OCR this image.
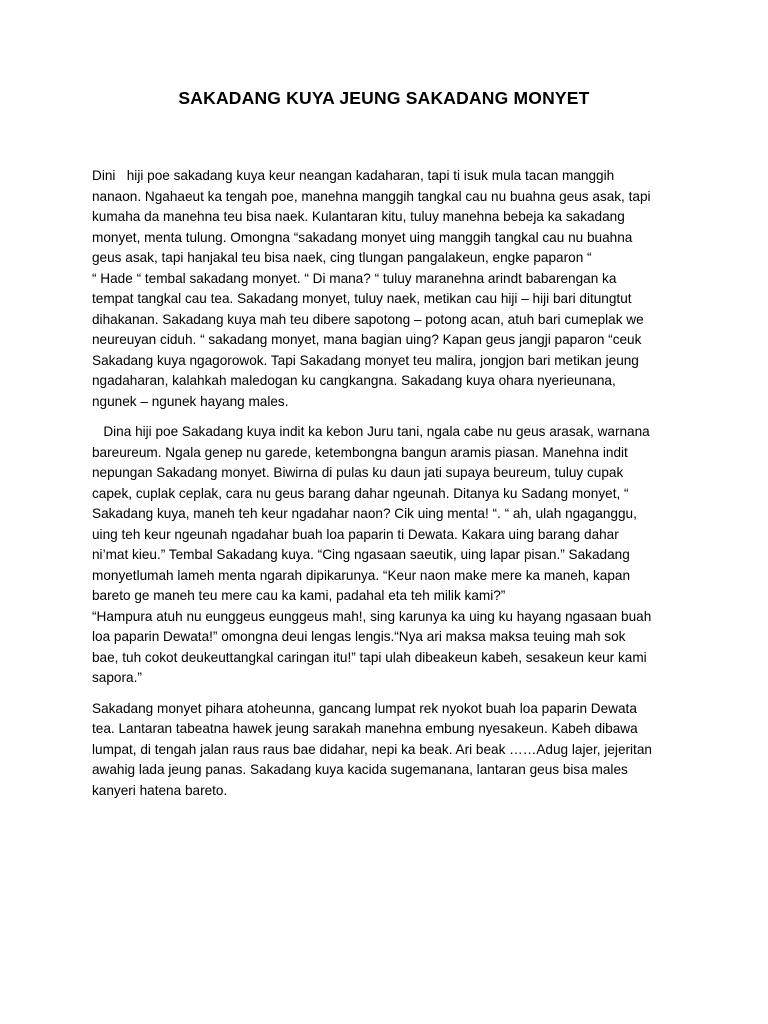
SAKADANG KUYA JEUNG SAKADANG MONYET
Dini   hiji poe sakadang kuya keur neangan kadaharan, tapi ti isuk mula tacan manggih
nanaon. Ngahaeut ka tengah poe, manehna manggih tangkal cau nu buahna geus asak, tapi
kumaha da manehna teu bisa naek. Kulantaran kitu, tuluy manehna bebeja ka sakadang
monyet, menta tulung. Omongna “sakadang monyet uing manggih tangkal cau nu buahna
geus asak, tapi hanjakal teu bisa naek, cing tlungan pangalakeun, engke paparon “
“ Hade “ tembal sakadang monyet. “ Di mana? “ tuluy maranehna arindt babarengan ka
tempat tangkal cau tea. Sakadang monyet, tuluy naek, metikan cau hiji – hiji bari ditungtut
dihakanan. Sakadang kuya mah teu dibere sapotong – potong acan, atuh bari cumeplak we
neureuyan ciduh. “ sakadang monyet, mana bagian uing? Kapan geus jangji paparon “ceuk
Sakadang kuya ngagorowok. Tapi Sakadang monyet teu malira, jongjon bari metikan jeung
ngadaharan, kalahkah maledogan ku cangkangna. Sakadang kuya ohara nyerieunana,
ngunek – ngunek hayang males.
Dina hiji poe Sakadang kuya indit ka kebon Juru tani, ngala cabe nu geus arasak, warnana
bareureum. Ngala genep nu garede, ketembongna bangun aramis piasan. Manehna indit
nepungan Sakadang monyet. Biwirna di pulas ku daun jati supaya beureum, tuluy cupak
capek, cuplak ceplak, cara nu geus barang dahar ngeunah. Ditanya ku Sadang monyet, “
Sakadang kuya, maneh teh keur ngadahar naon? Cik uing menta! “. “ ah, ulah ngaganggu,
uing teh keur ngeunah ngadahar buah loa paparin ti Dewata. Kakara uing barang dahar
ni’mat kieu.” Tembal Sakadang kuya. “Cing ngasaan saeutik, uing lapar pisan.” Sakadang
monyetlumah lameh menta ngarah dipikarunya. “Keur naon make mere ka maneh, kapan
bareto ge maneh teu mere cau ka kami, padahal eta teh milik kami?”
“Hampura atuh nu eunggeus eunggeus mah!, sing karunya ka uing ku hayang ngasaan buah
loa paparin Dewata!” omongna deui lengas lengis.“Nya ari maksa maksa teuing mah sok
bae, tuh cokot deukeuttangkal caringan itu!” tapi ulah dibeakeun kabeh, sesakeun keur kami
sapora.”
Sakadang monyet pihara atoheunna, gancang lumpat rek nyokot buah loa paparin Dewata
tea. Lantaran tabeatna hawek jeung sarakah manehna embung nyesakeun. Kabeh dibawa
lumpat, di tengah jalan raus raus bae didahar, nepi ka beak. Ari beak ……Adug lajer, jejeritan
awahig lada jeung panas. Sakadang kuya kacida sugemanana, lantaran geus bisa males
kanyeri hatena bareto.
